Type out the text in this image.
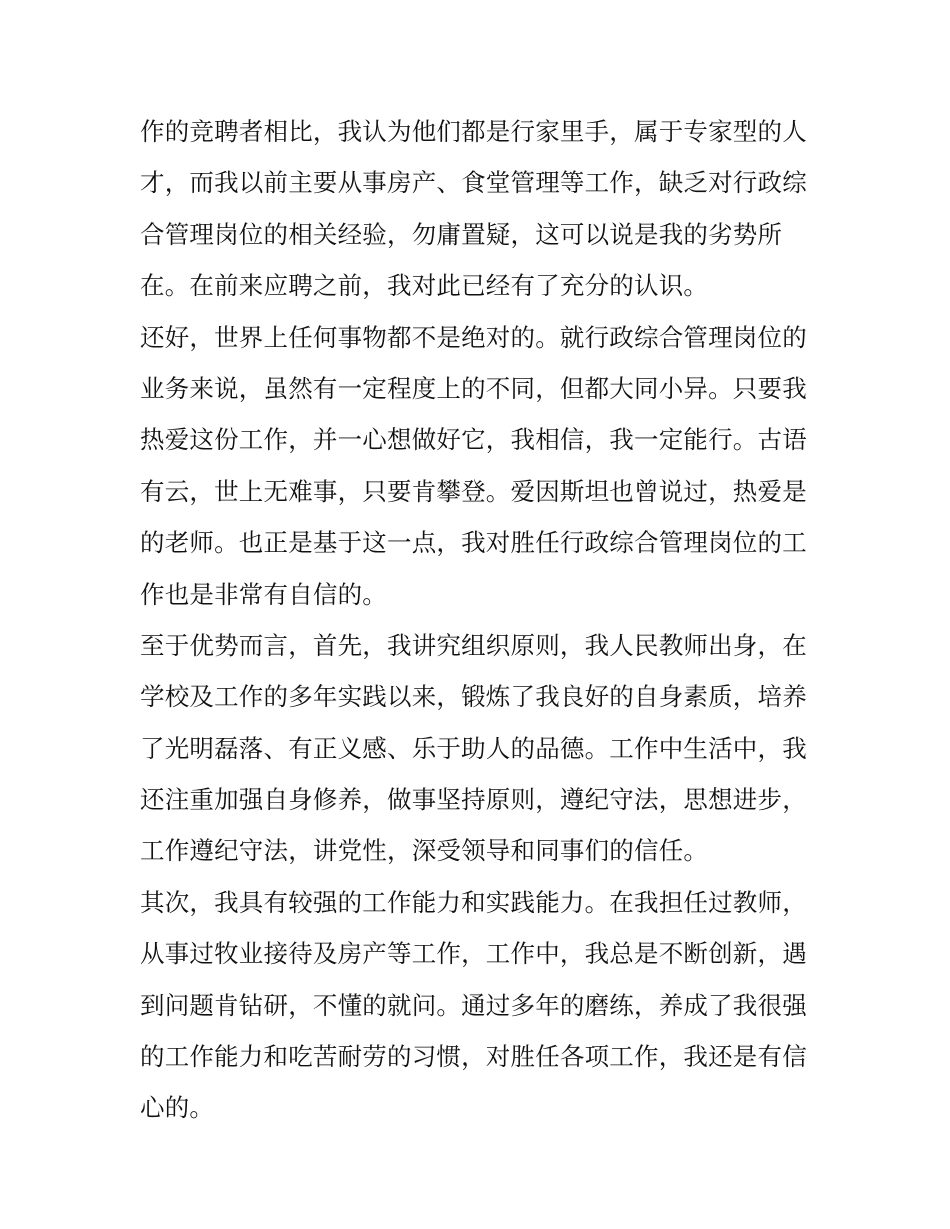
作的竞聘者相比，我认为他们都是行家里手，属于专家型的人
才，而我以前主要从事房产、食堂管理等工作，缺乏对行政综
合管理岗位的相关经验，勿庸置疑，这可以说是我的劣势所
在。在前来应聘之前，我对此已经有了充分的认识。
还好，世界上任何事物都不是绝对的。就行政综合管理岗位的
业务来说，虽然有一定程度上的不同，但都大同小异。只要我
热爱这份工作，并一心想做好它，我相信，我一定能行。古语
有云，世上无难事，只要肯攀登。爱因斯坦也曾说过，热爱是
的老师。也正是基于这一点，我对胜任行政综合管理岗位的工
作也是非常有自信的。
至于优势而言，首先，我讲究组织原则，我人民教师出身，在
学校及工作的多年实践以来，锻炼了我良好的自身素质，培养
了光明磊落、有正义感、乐于助人的品德。工作中生活中，我
还注重加强自身修养，做事坚持原则，遵纪守法，思想进步，
工作遵纪守法，讲党性，深受领导和同事们的信任。
其次，我具有较强的工作能力和实践能力。在我担任过教师，
从事过牧业接待及房产等工作，工作中，我总是不断创新，遇
到问题肯钻研，不懂的就问。通过多年的磨练，养成了我很强
的工作能力和吃苦耐劳的习惯，对胜任各项工作，我还是有信
心的。
